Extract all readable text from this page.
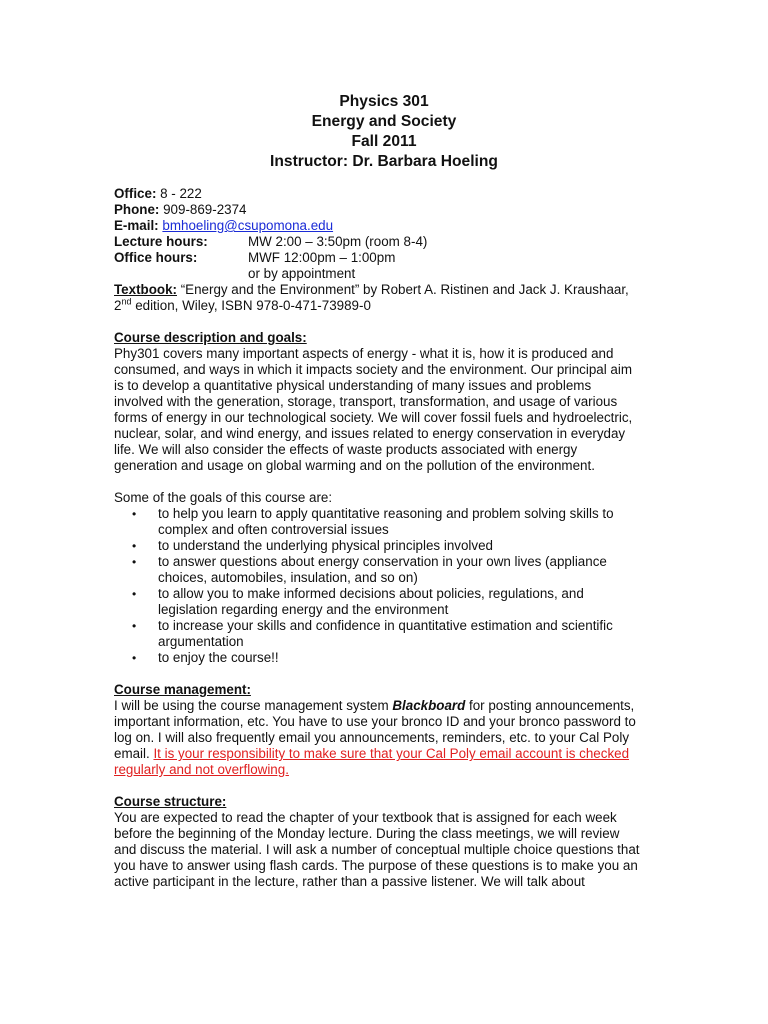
Physics 301
Energy and Society
Fall 2011
Instructor: Dr. Barbara Hoeling
Office: 8 - 222
Phone: 909-869-2374
E-mail: bmhoeling@csupomona.edu
Lecture hours:	MW 2:00 – 3:50pm (room 8-4)
Office hours:	MWF 12:00pm – 1:00pm
or by appointment
Textbook: “Energy and the Environment” by Robert A. Ristinen and Jack J. Kraushaar,
2nd edition, Wiley, ISBN 978-0-471-73989-0
Course description and goals:
Phy301 covers many important aspects of energy - what it is, how it is produced and
consumed, and ways in which it impacts society and the environment. Our principal aim
is to develop a quantitative physical understanding of many issues and problems
involved with the generation, storage, transport, transformation, and usage of various
forms of energy in our technological society. We will cover fossil fuels and hydroelectric,
nuclear, solar, and wind energy, and issues related to energy conservation in everyday
life. We will also consider the effects of waste products associated with energy
generation and usage on global warming and on the pollution of the environment.
Some of the goals of this course are:
• to help you learn to apply quantitative reasoning and problem solving skills to
complex and often controversial issues
• to understand the underlying physical principles involved
• to answer questions about energy conservation in your own lives (appliance
choices, automobiles, insulation, and so on)
• to allow you to make informed decisions about policies, regulations, and
legislation regarding energy and the environment
• to increase your skills and confidence in quantitative estimation and scientific
argumentation
• to enjoy the course!!
Course management:
I will be using the course management system Blackboard for posting announcements,
important information, etc. You have to use your bronco ID and your bronco password to
log on. I will also frequently email you announcements, reminders, etc. to your Cal Poly
email. It is your responsibility to make sure that your Cal Poly email account is checked
regularly and not overflowing.
Course structure:
You are expected to read the chapter of your textbook that is assigned for each week
before the beginning of the Monday lecture. During the class meetings, we will review
and discuss the material. I will ask a number of conceptual multiple choice questions that
you have to answer using flash cards. The purpose of these questions is to make you an
active participant in the lecture, rather than a passive listener. We will talk about
